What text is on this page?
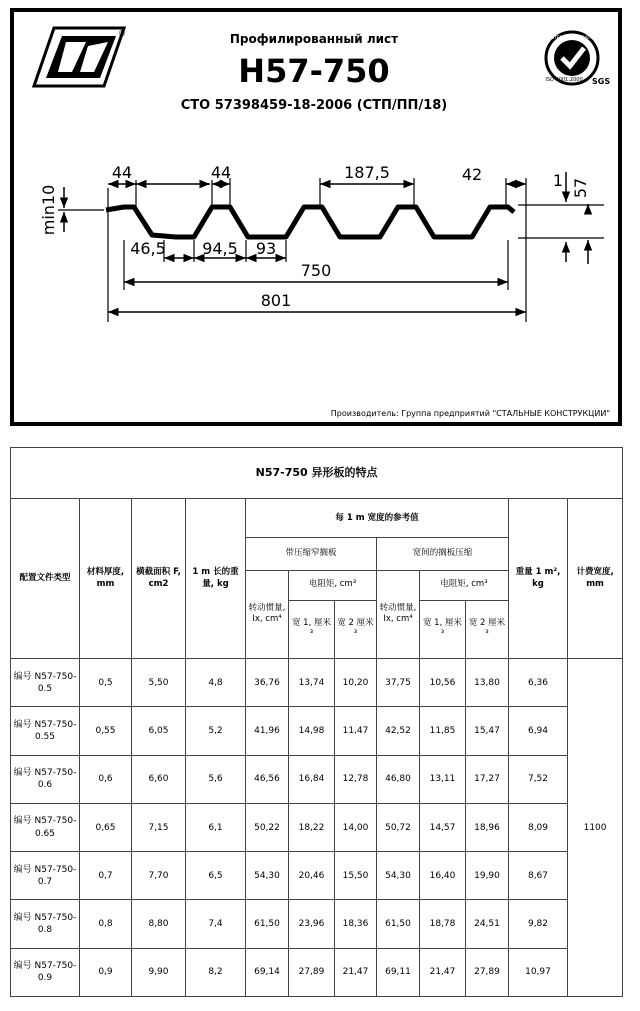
®	Профилированный лист
Н57-750
СТО 57398459-18-2006 (СТП/ПП/18)
SYSTEM CERTIFICATION
ISO 9001:2000 SGS
44	44	187,5	42	1 57
min10
46,5 94,5 93
750
801
Производитель: Группа предприятий "СТАЛЬНЫЕ КОНСТРУКЦИИ"
N57-750 异形板的特点											
配置文件类型	材料厚度, mm	横截面积 F, cm2	1 m 长的重量, kg	每 1 m 宽度的参考值						重量 1 m², kg	计费宽度, mm
				带压缩窄搁板			宽间的搁板压缩				
				转动惯量, Ix, cm⁴	电阻矩, cm³		转动惯量, Ix, cm⁴	电阻矩, cm³			
					宽 1, 厘米³	宽 2 厘米³		宽 1, 厘米³	宽 2 厘米³		
编号 N57-750-0.5	0,5	5,50	4,8	36,76	13,74	10,20	37,75	10,56	13,80	6,36	1100
编号 N57-750-0.55	0,55	6,05	5,2	41,96	14,98	11,47	42,52	11,85	15,47	6,94	
编号 N57-750-0.6	0,6	6,60	5,6	46,56	16,84	12,78	46,80	13,11	17,27	7,52	
编号 N57-750-0.65	0,65	7,15	6,1	50,22	18,22	14,00	50,72	14,57	18,96	8,09	
编号 N57-750-0.7	0,7	7,70	6,5	54,30	20,46	15,50	54,30	16,40	19,90	8,67	
编号 N57-750-0.8	0,8	8,80	7,4	61,50	23,96	18,36	61,50	18,78	24,51	9,82	
编号 N57-750-0.9	0,9	9,90	8,2	69,14	27,89	21,47	69,11	21,47	27,89	10,97	
